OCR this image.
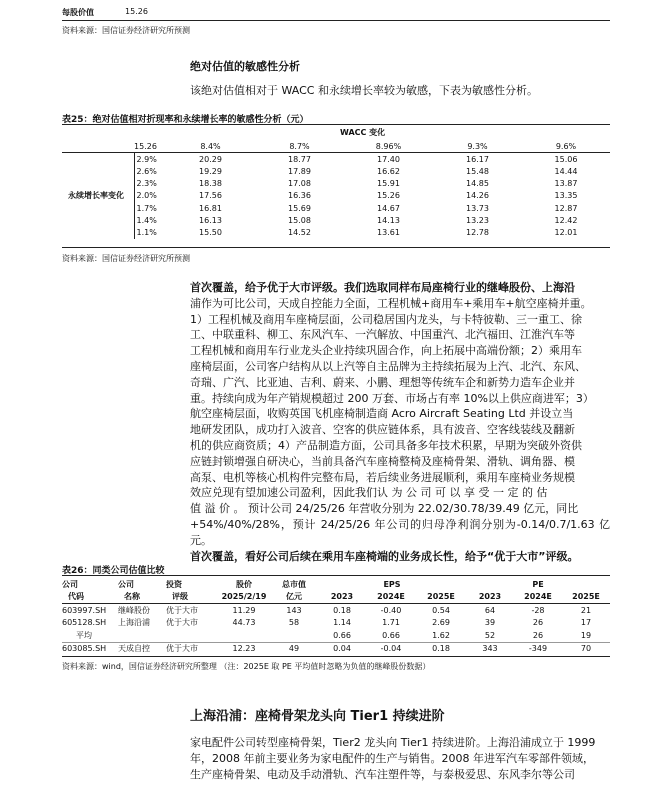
每股价值	15.26
资料来源：国信证券经济研究所预测
绝对估值的敏感性分析
该绝对估值相对于 WACC 和永续增长率较为敏感，下表为敏感性分析。
表25：绝对估值相对折现率和永续增长率的敏感性分析（元）
WACC 变化
	15.26	8.4%	8.7%	8.96%	9.3%	9.6%
永续增长率变化	2.9%	20.29	18.77	17.40	16.17	15.06
	2.6%	19.29	17.89	16.62	15.48	14.44
	2.3%	18.38	17.08	15.91	14.85	13.87
	2.0%	17.56	16.36	15.26	14.26	13.35
	1.7%	16.81	15.69	14.67	13.73	12.87
	1.4%	16.13	15.08	14.13	13.23	12.42
	1.1%	15.50	14.52	13.61	12.78	12.01
资料来源：国信证券经济研究所预测
首次覆盖，给予优于大市评级。我们选取同样布局座椅行业的继峰股份、上海沿
浦作为可比公司，天成自控能力全面，工程机械+商用车+乘用车+航空座椅并重。
1）工程机械及商用车座椅层面，公司稳居国内龙头，与卡特彼勒、三一重工、徐
工、中联重科、柳工、东风汽车、一汽解放、中国重汽、北汽福田、江淮汽车等
工程机械和商用车行业龙头企业持续巩固合作，向上拓展中高端份额；2）乘用车
座椅层面，公司客户结构从以上汽等自主品牌为主持续拓展为上汽、北汽、东风、
奇瑞、广汽、比亚迪、吉利、蔚来、小鹏、理想等传统车企和新势力造车企业并
重。持续向成为年产销规模超过 200 万套、市场占有率 10%以上供应商进军；3）
航空座椅层面，收购英国飞机座椅制造商 Acro Aircraft Seating Ltd 并设立当
地研发团队，成功打入波音、空客的供应链体系，具有波音、空客线装线及翻新
机的供应商资质；4）产品制造方面，公司具备多年技术积累，早期为突破外资供
应链封锁增强自研决心，当前具备汽车座椅整椅及座椅骨架、滑轨、调角器、模
高泵、电机等核心机构件完整布局，若后续业务进展顺利，乘用车座椅业务规模
效应兑现有望加速公司盈利，因此我们认 为 公 司 可 以 享 受 一 定 的 估
值 溢 价 。 预计公司 24/25/26 年营收分别为 22.02/30.78/39.49 亿元，同比
+54%/40%/28%，预计 24/25/26 年公司的归母净利润分别为-0.14/0.7/1.63 亿元。
首次覆盖，看好公司后续在乘用车座椅端的业务成长性，给予“优于大市”评级。
表26：同类公司估值比较
公司	公司	投资	股价	总市值	EPS			PE		
代码	名称	评级	2025/2/19	亿元	2023	2024E	2025E	2023	2024E	2025E
603997.SH	继峰股份	优于大市	11.29	143	0.18	-0.40	0.54	64	-28	21
605128.SH	上海沿浦	优于大市	44.73	58	1.14	1.71	2.69	39	26	17
平均					0.66	0.66	1.62	52	26	19
603085.SH	天成自控	优于大市	12.23	49	0.04	-0.04	0.18	343	-349	70
资料来源：wind，国信证券经济研究所整理 （注：2025E 取 PE 平均值时忽略为负值的继峰股份数据）
上海沿浦：座椅骨架龙头向 Tier1 持续进阶
家电配件公司转型座椅骨架，Tier2 龙头向 Tier1 持续进阶。上海沿浦成立于 1999
年，2008 年前主要业务为家电配件的生产与销售。2008 年进军汽车零部件领域，
生产座椅骨架、电动及手动滑轨、汽车注塑件等，与泰极爱思、东风李尔等公司
